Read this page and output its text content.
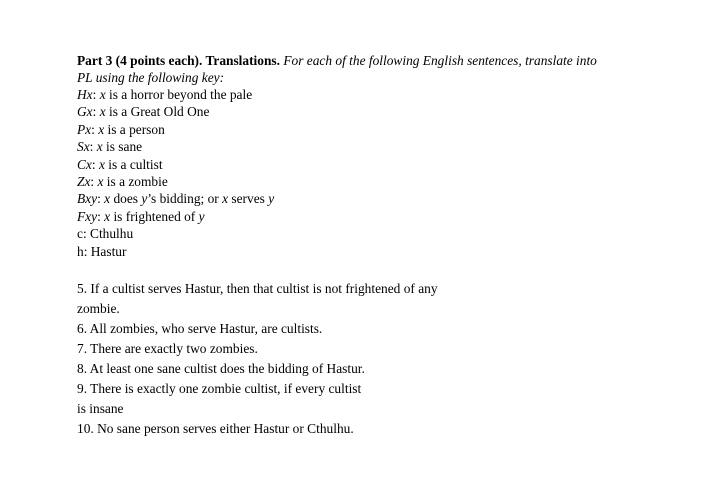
Part 3 (4 points each). Translations. For each of the following English sentences, translate into
PL using the following key:

Hx: x is a horror beyond the pale
Gx: x is a Great Old One
Px: x is a person
Sx: x is sane
Cx: x is a cultist
Zx: x is a zombie
Bxy: x does y’s bidding; or x serves y
Fxy: x is frightened of y
c: Cthulhu
h: Hastur
5. If a cultist serves Hastur, then that cultist is not frightened of any
zombie.
6. All zombies, who serve Hastur, are cultists.
7. There are exactly two zombies.
8. At least one sane cultist does the bidding of Hastur.
9. There is exactly one zombie cultist, if every cultist
is insane
10. No sane person serves either Hastur or Cthulhu.
